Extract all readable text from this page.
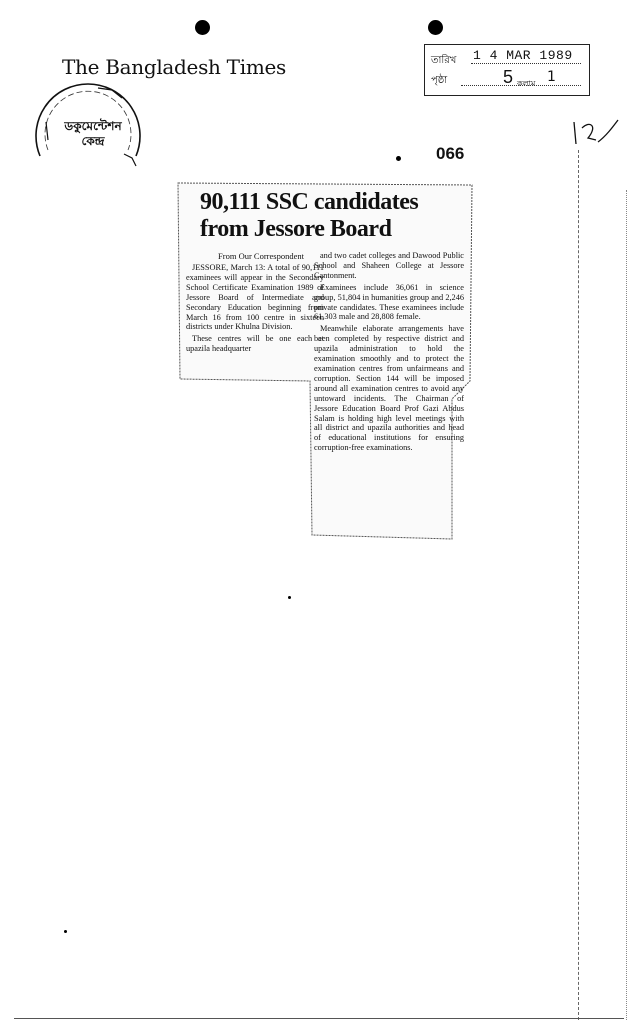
The Bangladesh Times
ডকুমেন্টেশন কেন্দ্র
তারিখ 1 4 MAR 1989
পৃষ্ঠা	5 কলাম 1
066
90,111 SSC candidates
from Jessore Board
From Our Correspondent

JESSORE, March 13: A total of 90,111 examinees will appear in the Secondary School Certificate Examination 1989 of Jessore Board of Intermediate and Secondary Education beginning from March 16 from 100 centre in sixteen districts under Khulna Division.

These centres will be one each at upazila headquarter

and two cadet colleges and Dawood Public School and Shaheen College at Jessore Cantonment.

Examinees include 36,061 in science group, 51,804 in humanities group and 2,246 private candidates. These examinees include 61,303 male and 28,808 female.

Meanwhile elaborate arrangements have been completed by respective district and upazila administration to hold the examination smoothly and to protect the examination centres from unfairmeans and corruption. Section 144 will be imposed around all examination centres to avoid any untoward incidents. The Chairman of Jessore Education Board Prof Gazi Abdus Salam is holding high level meetings with all district and upazila authorities and head of educational institutions for ensuring corruption-free examinations.
